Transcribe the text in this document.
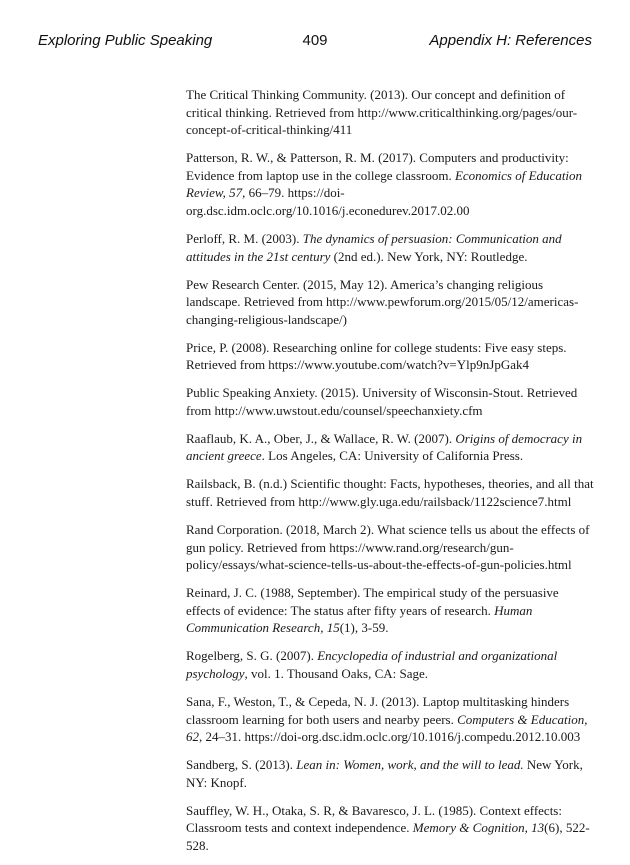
Exploring Public Speaking	409	Appendix H: References

The Critical Thinking Community. (2013). Our concept and definition of critical thinking. Retrieved from http://www.criticalthinking.org/pages/our-concept-of-critical-thinking/411

Patterson, R. W., & Patterson, R. M. (2017). Computers and productivity: Evidence from laptop use in the college classroom. Economics of Education Review, 57, 66–79. https://doi-org.dsc.idm.oclc.org/10.1016/j.econedurev.2017.02.00

Perloff, R. M. (2003). The dynamics of persuasion: Communication and attitudes in the 21st century (2nd ed.). New York, NY: Routledge.

Pew Research Center. (2015, May 12). America’s changing religious landscape. Retrieved from http://www.pewforum.org/2015/05/12/americas-changing-religious-landscape/)

Price, P. (2008). Researching online for college students: Five easy steps. Retrieved from https://www.youtube.com/watch?v=Ylp9nJpGak4

Public Speaking Anxiety. (2015). University of Wisconsin-Stout. Retrieved from http://www.uwstout.edu/counsel/speechanxiety.cfm

Raaflaub, K. A., Ober, J., & Wallace, R. W. (2007). Origins of democracy in ancient greece. Los Angeles, CA: University of California Press.

Railsback, B. (n.d.) Scientific thought: Facts, hypotheses, theories, and all that stuff. Retrieved from http://www.gly.uga.edu/railsback/1122science7.html

Rand Corporation. (2018, March 2). What science tells us about the effects of gun policy. Retrieved from https://www.rand.org/research/gun-policy/essays/what-science-tells-us-about-the-effects-of-gun-policies.html

Reinard, J. C. (1988, September). The empirical study of the persuasive effects of evidence: The status after fifty years of research. Human Communication Research, 15(1), 3-59.

Rogelberg, S. G. (2007). Encyclopedia of industrial and organizational psychology, vol. 1. Thousand Oaks, CA: Sage.

Sana, F., Weston, T., & Cepeda, N. J. (2013). Laptop multitasking hinders classroom learning for both users and nearby peers. Computers & Education, 62, 24–31. https://doi-org.dsc.idm.oclc.org/10.1016/j.compedu.2012.10.003

Sandberg, S. (2013). Lean in: Women, work, and the will to lead. New York, NY: Knopf.

Sauffley, W. H., Otaka, S. R, & Bavaresco, J. L. (1985). Context effects: Classroom tests and context independence. Memory & Cognition, 13(6), 522-528.
